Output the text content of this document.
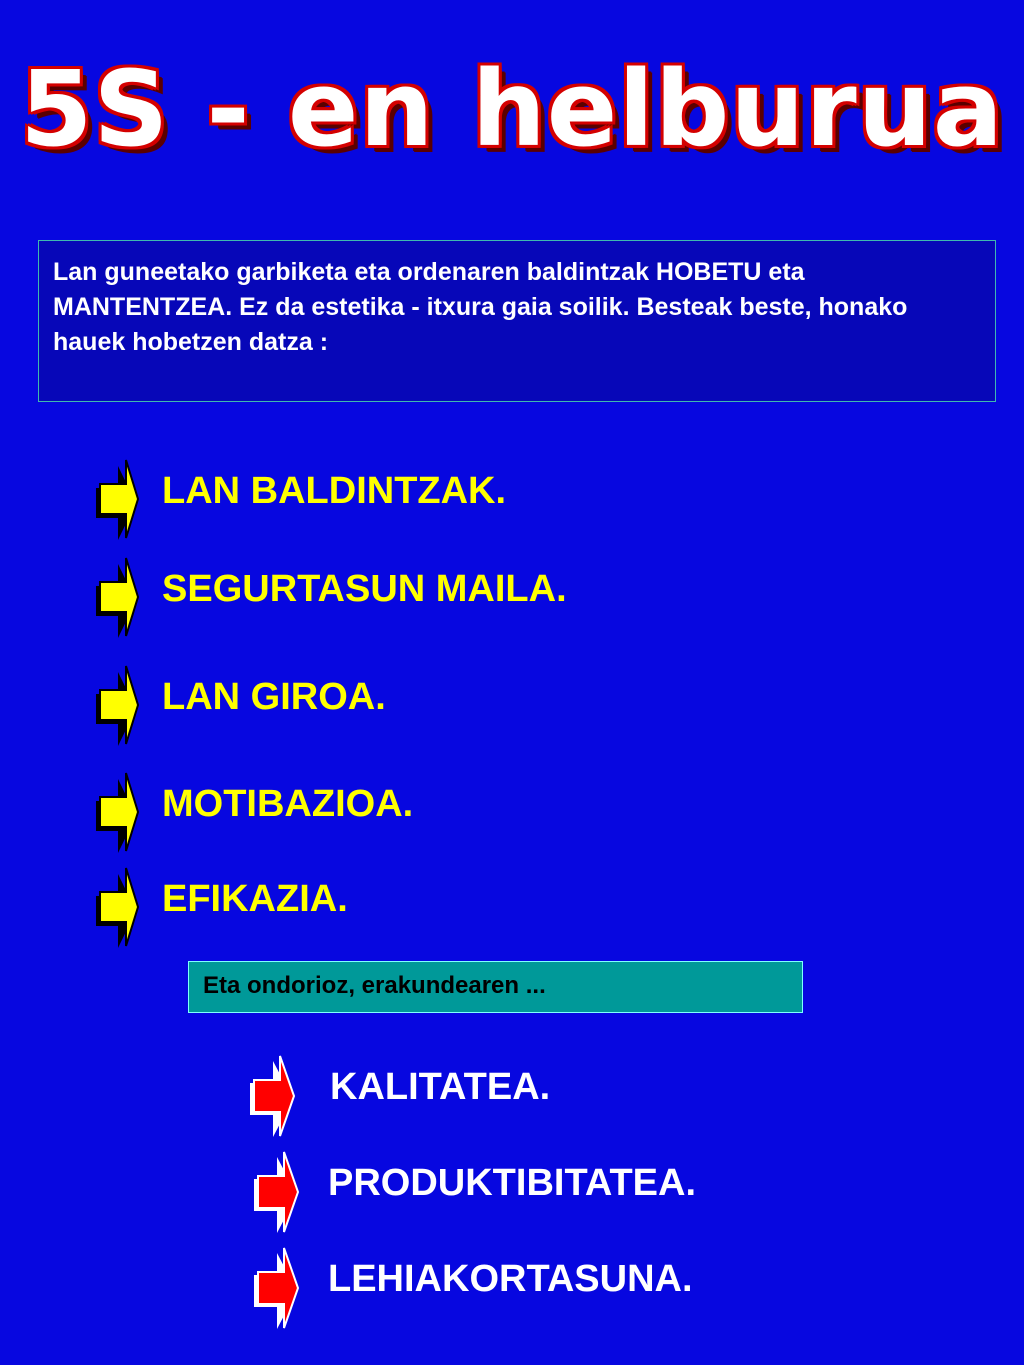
5S - en helburua
Lan guneetako garbiketa eta ordenaren baldintzak HOBETU eta MANTENTZEA. Ez da estetika - itxura gaia soilik. Besteak beste, honako hauek hobetzen datza :
LAN BALDINTZAK.
SEGURTASUN MAILA.
LAN GIROA.
MOTIBAZIOA.
EFIKAZIA.
Eta ondorioz, erakundearen ...
KALITATEA.
PRODUKTIBITATEA.
LEHIAKORTASUNA.
